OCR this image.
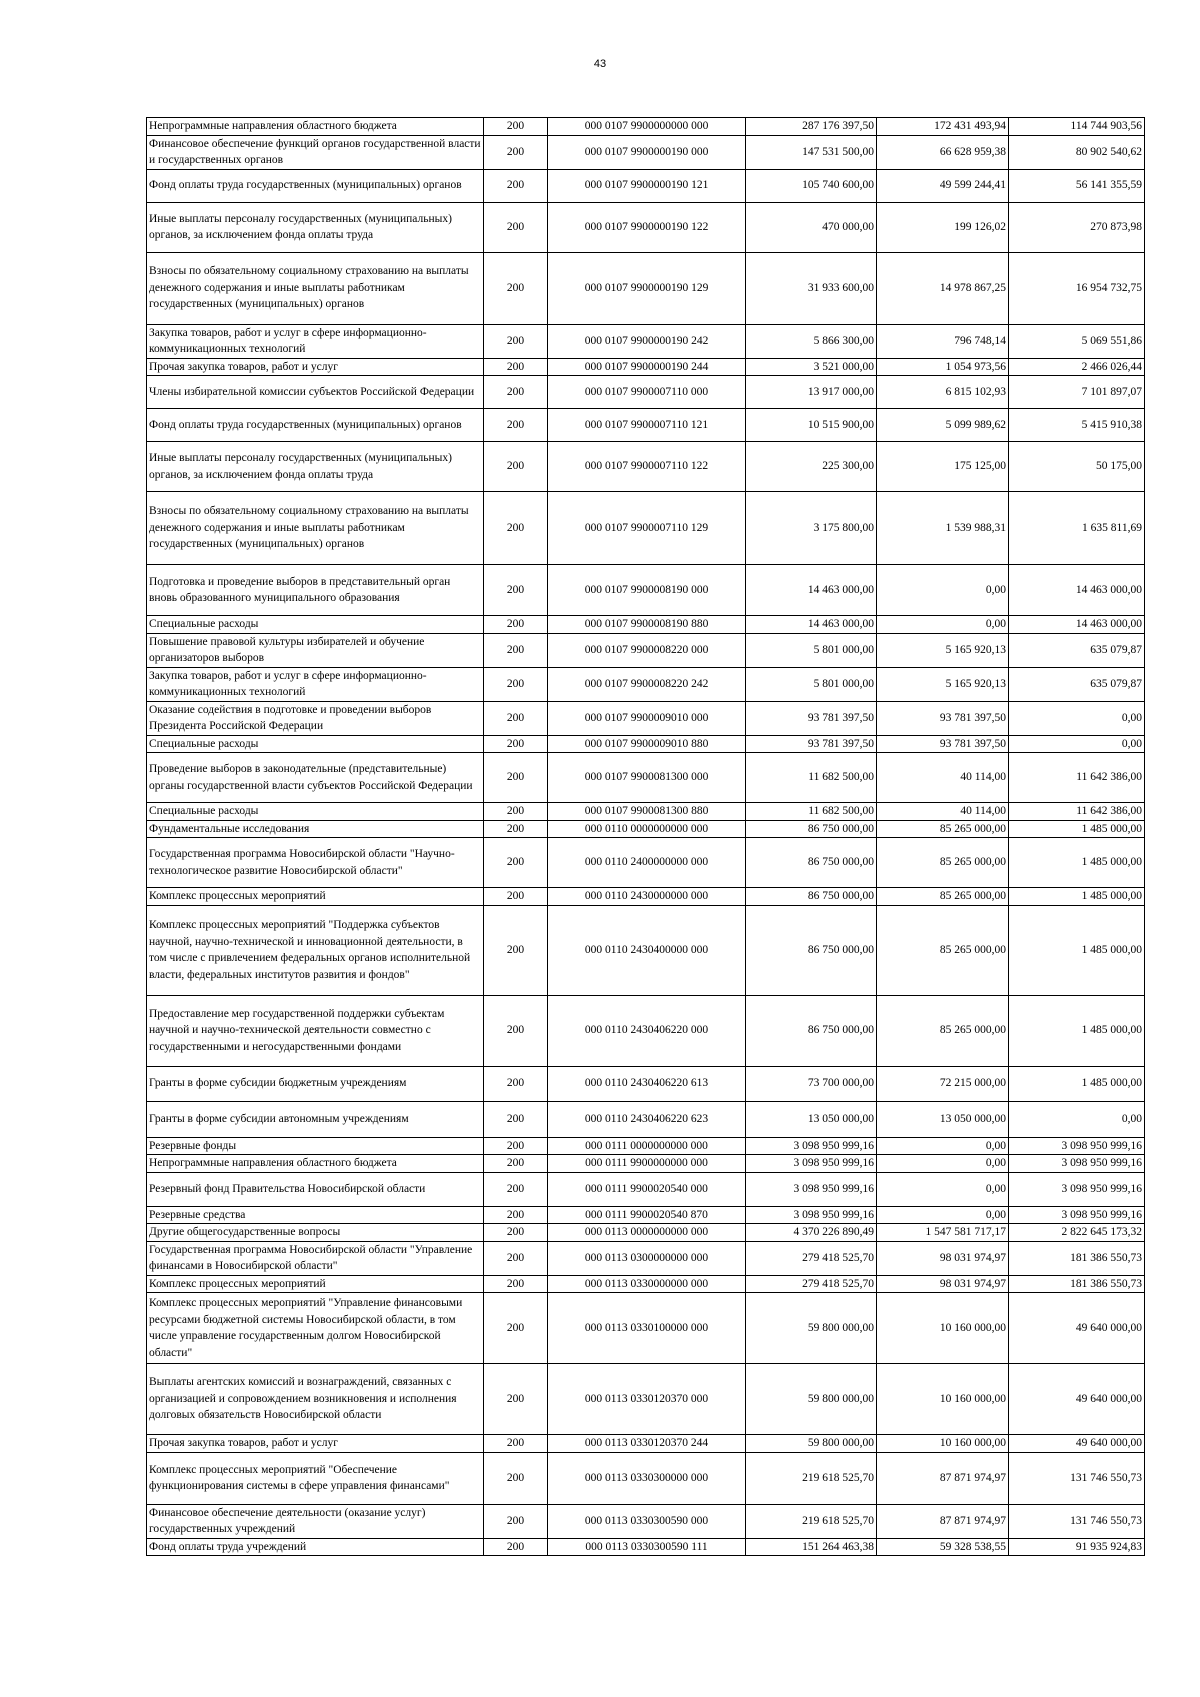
43
Непрограммные направления областного бюджета	200	000 0107 9900000000 000	287 176 397,50	172 431 493,94	114 744 903,56
Финансовое обеспечение функций органов государственной власти и государственных органов	200	000 0107 9900000190 000	147 531 500,00	66 628 959,38	80 902 540,62
Фонд оплаты труда государственных (муниципальных) органов	200	000 0107 9900000190 121	105 740 600,00	49 599 244,41	56 141 355,59
Иные выплаты персоналу государственных (муниципальных) органов, за исключением фонда оплаты труда	200	000 0107 9900000190 122	470 000,00	199 126,02	270 873,98
Взносы по обязательному социальному страхованию на выплаты денежного содержания и иные выплаты работникам государственных (муниципальных) органов	200	000 0107 9900000190 129	31 933 600,00	14 978 867,25	16 954 732,75
Закупка товаров, работ и услуг в сфере информационно-коммуникационных технологий	200	000 0107 9900000190 242	5 866 300,00	796 748,14	5 069 551,86
Прочая закупка товаров, работ и услуг	200	000 0107 9900000190 244	3 521 000,00	1 054 973,56	2 466 026,44
Члены избирательной комиссии субъектов Российской Федерации	200	000 0107 9900007110 000	13 917 000,00	6 815 102,93	7 101 897,07
Фонд оплаты труда государственных (муниципальных) органов	200	000 0107 9900007110 121	10 515 900,00	5 099 989,62	5 415 910,38
Иные выплаты персоналу государственных (муниципальных) органов, за исключением фонда оплаты труда	200	000 0107 9900007110 122	225 300,00	175 125,00	50 175,00
Взносы по обязательному социальному страхованию на выплаты денежного содержания и иные выплаты работникам государственных (муниципальных) органов	200	000 0107 9900007110 129	3 175 800,00	1 539 988,31	1 635 811,69
Подготовка и проведение выборов в представительный орган вновь образованного муниципального образования	200	000 0107 9900008190 000	14 463 000,00	0,00	14 463 000,00
Специальные расходы	200	000 0107 9900008190 880	14 463 000,00	0,00	14 463 000,00
Повышение правовой культуры избирателей и обучение организаторов выборов	200	000 0107 9900008220 000	5 801 000,00	5 165 920,13	635 079,87
Закупка товаров, работ и услуг в сфере информационно-коммуникационных технологий	200	000 0107 9900008220 242	5 801 000,00	5 165 920,13	635 079,87
Оказание содействия в подготовке и проведении выборов Президента Российской Федерации	200	000 0107 9900009010 000	93 781 397,50	93 781 397,50	0,00
Специальные расходы	200	000 0107 9900009010 880	93 781 397,50	93 781 397,50	0,00
Проведение выборов в законодательные (представительные) органы государственной власти субъектов Российской Федерации	200	000 0107 9900081300 000	11 682 500,00	40 114,00	11 642 386,00
Специальные расходы	200	000 0107 9900081300 880	11 682 500,00	40 114,00	11 642 386,00
Фундаментальные исследования	200	000 0110 0000000000 000	86 750 000,00	85 265 000,00	1 485 000,00
Государственная программа Новосибирской области "Научно-технологическое развитие Новосибирской области"	200	000 0110 2400000000 000	86 750 000,00	85 265 000,00	1 485 000,00
Комплекс процессных мероприятий	200	000 0110 2430000000 000	86 750 000,00	85 265 000,00	1 485 000,00
Комплекс процессных мероприятий "Поддержка субъектов научной, научно-технической и инновационной деятельности, в том числе с привлечением федеральных органов исполнительной власти, федеральных институтов развития и фондов"	200	000 0110 2430400000 000	86 750 000,00	85 265 000,00	1 485 000,00
Предоставление мер государственной поддержки субъектам научной и научно-технической деятельности совместно с государственными и негосударственными фондами	200	000 0110 2430406220 000	86 750 000,00	85 265 000,00	1 485 000,00
Гранты в форме субсидии бюджетным учреждениям	200	000 0110 2430406220 613	73 700 000,00	72 215 000,00	1 485 000,00
Гранты в форме субсидии автономным учреждениям	200	000 0110 2430406220 623	13 050 000,00	13 050 000,00	0,00
Резервные фонды	200	000 0111 0000000000 000	3 098 950 999,16	0,00	3 098 950 999,16
Непрограммные направления областного бюджета	200	000 0111 9900000000 000	3 098 950 999,16	0,00	3 098 950 999,16
Резервный фонд Правительства Новосибирской области	200	000 0111 9900020540 000	3 098 950 999,16	0,00	3 098 950 999,16
Резервные средства	200	000 0111 9900020540 870	3 098 950 999,16	0,00	3 098 950 999,16
Другие общегосударственные вопросы	200	000 0113 0000000000 000	4 370 226 890,49	1 547 581 717,17	2 822 645 173,32
Государственная программа Новосибирской области "Управление финансами в Новосибирской области"	200	000 0113 0300000000 000	279 418 525,70	98 031 974,97	181 386 550,73
Комплекс процессных мероприятий	200	000 0113 0330000000 000	279 418 525,70	98 031 974,97	181 386 550,73
Комплекс процессных мероприятий "Управление финансовыми ресурсами бюджетной системы Новосибирской области, в том числе управление государственным долгом Новосибирской области"	200	000 0113 0330100000 000	59 800 000,00	10 160 000,00	49 640 000,00
Выплаты агентских комиссий и вознаграждений, связанных с организацией и сопровождением возникновения и исполнения долговых обязательств Новосибирской области	200	000 0113 0330120370 000	59 800 000,00	10 160 000,00	49 640 000,00
Прочая закупка товаров, работ и услуг	200	000 0113 0330120370 244	59 800 000,00	10 160 000,00	49 640 000,00
Комплекс процессных мероприятий "Обеспечение функционирования системы в сфере управления финансами"	200	000 0113 0330300000 000	219 618 525,70	87 871 974,97	131 746 550,73
Финансовое обеспечение деятельности (оказание услуг) государственных учреждений	200	000 0113 0330300590 000	219 618 525,70	87 871 974,97	131 746 550,73
Фонд оплаты труда учреждений	200	000 0113 0330300590 111	151 264 463,38	59 328 538,55	91 935 924,83
